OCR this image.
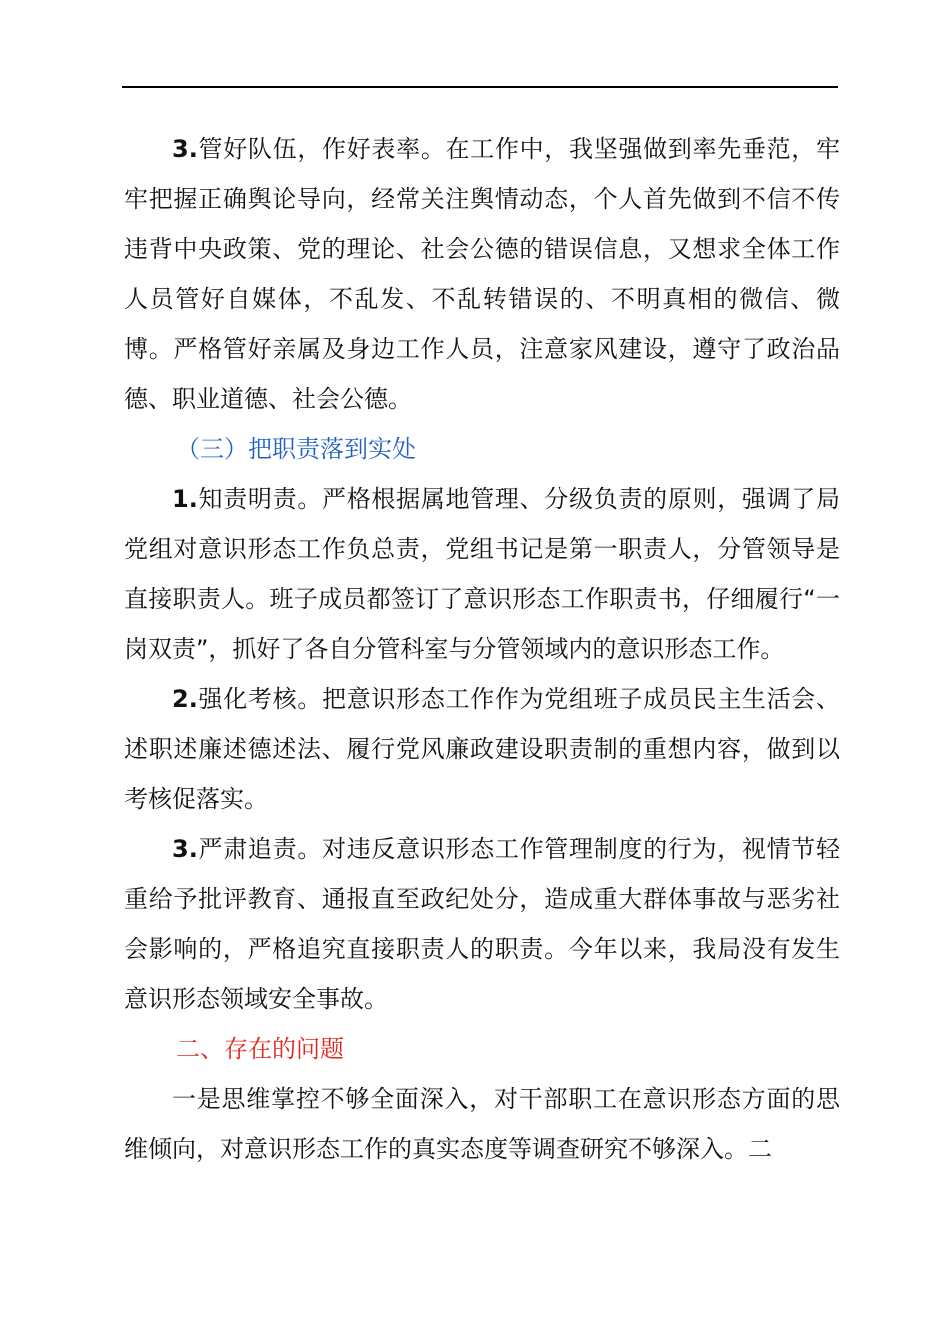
3.管好队伍，作好表率。在工作中，我坚强做到率先垂范，牢牢把握正确舆论导向，经常关注舆情动态，个人首先做到不信不传违背中央政策、党的理论、社会公德的错误信息，又想求全体工作人员管好自媒体，不乱发、不乱转错误的、不明真相的微信、微博。严格管好亲属及身边工作人员，注意家风建设，遵守了政治品德、职业道德、社会公德。

（三）把职责落到实处

1.知责明责。严格根据属地管理、分级负责的原则，强调了局党组对意识形态工作负总责，党组书记是第一职责人，分管领导是直接职责人。班子成员都签订了意识形态工作职责书，仔细履行“一岗双责”，抓好了各自分管科室与分管领域内的意识形态工作。

2.强化考核。把意识形态工作作为党组班子成员民主生活会、述职述廉述德述法、履行党风廉政建设职责制的重想内容，做到以考核促落实。

3.严肃追责。对违反意识形态工作管理制度的行为，视情节轻重给予批评教育、通报直至政纪处分，造成重大群体事故与恶劣社会影响的，严格追究直接职责人的职责。今年以来，我局没有发生意识形态领域安全事故。

二、存在的问题

一是思维掌控不够全面深入，对干部职工在意识形态方面的思维倾向，对意识形态工作的真实态度等调查研究不够深入。二
